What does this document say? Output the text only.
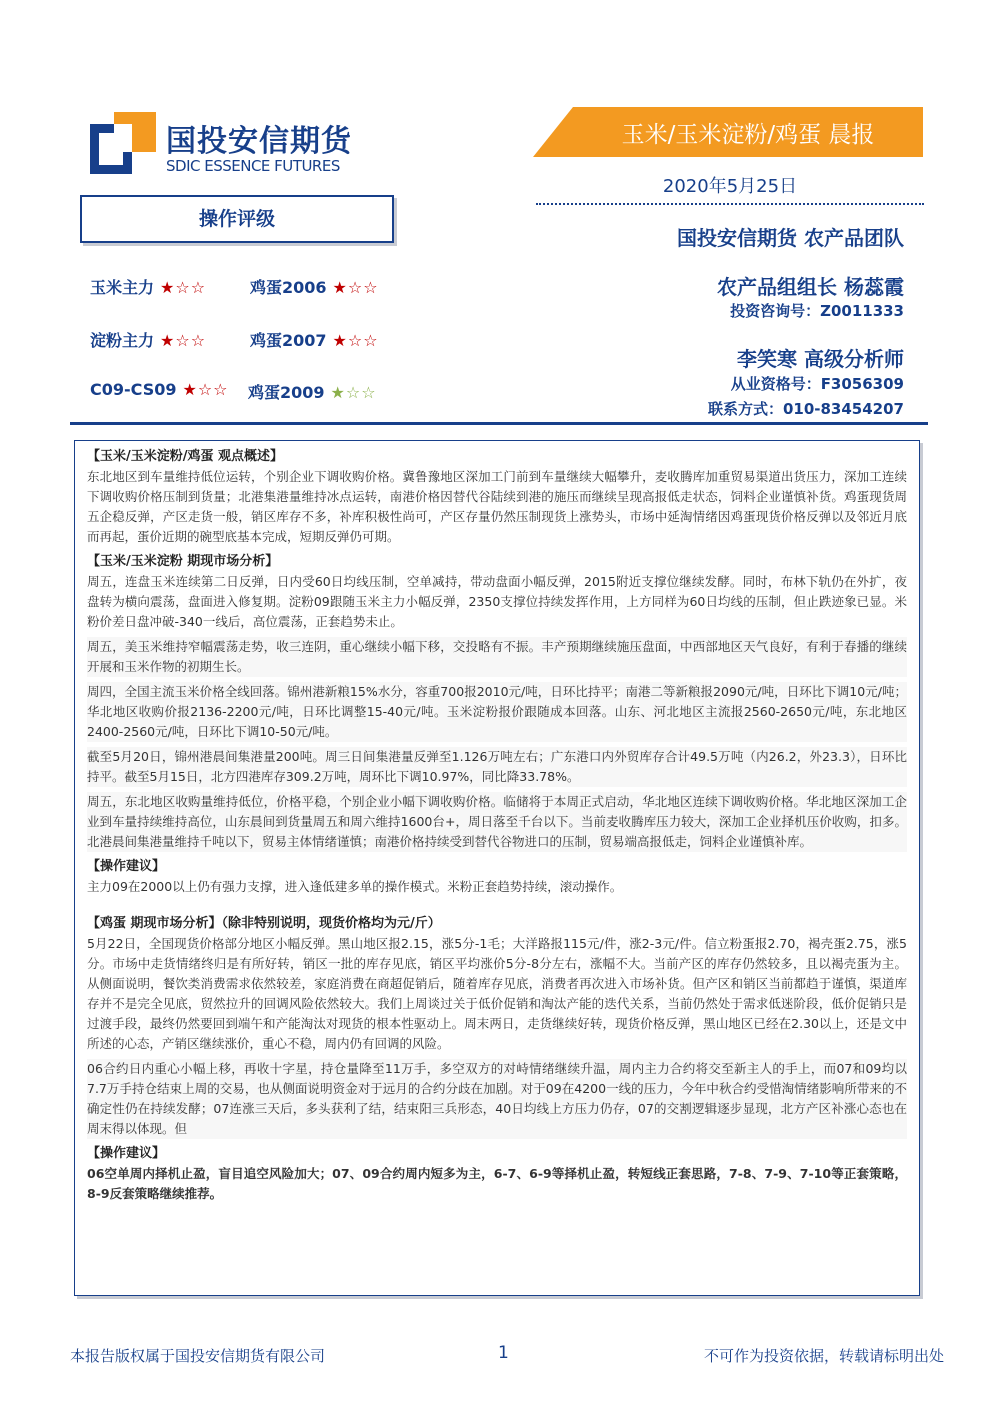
国投安信期货
SDIC ESSENCE FUTURES
玉米/玉米淀粉/鸡蛋 晨报
2020年5月25日
国投安信期货 农产品团队
农产品组组长 杨蕊霞
投资咨询号：Z0011333
李笑寒 高级分析师
从业资格号：F3056309
联系方式：010-83454207
操作评级
玉米主力 ★☆☆	鸡蛋2006 ★☆☆
淀粉主力 ★☆☆	鸡蛋2007 ★☆☆
C09-CS09 ★☆☆ 鸡蛋2009 ★☆☆
【玉米/玉米淀粉/鸡蛋 观点概述】

东北地区到车量维持低位运转，个别企业下调收购价格。冀鲁豫地区深加工门前到车量继续大幅攀升，麦收腾库加重贸易渠道出货压力，深加工连续下调收购价格压制到货量；北港集港量维持冰点运转，南港价格因替代谷陆续到港的施压而继续呈现高报低走状态，饲料企业谨慎补货。鸡蛋现货周五企稳反弹，产区走货一般，销区库存不多，补库积极性尚可，产区存量仍然压制现货上涨势头，市场中延淘情绪因鸡蛋现货价格反弹以及邻近月底而再起，蛋价近期的碗型底基本完成，短期反弹仍可期。

【玉米/玉米淀粉 期现市场分析】

周五，连盘玉米连续第二日反弹，日内受60日均线压制，空单减持，带动盘面小幅反弹，2015附近支撑位继续发酵。同时，布林下轨仍在外扩，夜盘转为横向震荡，盘面进入修复期。淀粉09跟随玉米主力小幅反弹，2350支撑位持续发挥作用，上方同样为60日均线的压制，但止跌迹象已显。米粉价差日盘冲破-340一线后，高位震荡，正套趋势未止。

周五，美玉米维持窄幅震荡走势，收三连阴，重心继续小幅下移，交投略有不振。丰产预期继续施压盘面，中西部地区天气良好，有利于春播的继续开展和玉米作物的初期生长。

周四，全国主流玉米价格全线回落。锦州港新粮15%水分，容重700报2010元/吨，日环比持平；南港二等新粮报2090元/吨，日环比下调10元/吨；华北地区收购价报2136-2200元/吨，日环比调整15-40元/吨。玉米淀粉报价跟随成本回落。山东、河北地区主流报2560-2650元/吨，东北地区2400-2560元/吨，日环比下调10-50元/吨。

截至5月20日，锦州港晨间集港量200吨。周三日间集港量反弹至1.126万吨左右；广东港口内外贸库存合计49.5万吨（内26.2，外23.3），日环比持平。截至5月15日，北方四港库存309.2万吨，周环比下调10.97%，同比降33.78%。

周五，东北地区收购量维持低位，价格平稳，个别企业小幅下调收购价格。临储将于本周正式启动，华北地区连续下调收购价格。华北地区深加工企业到车量持续维持高位，山东晨间到货量周五和周六维持1600台+，周日落至千台以下。当前麦收腾库压力较大，深加工企业择机压价收购，扣多。北港晨间集港量维持千吨以下，贸易主体情绪谨慎；南港价格持续受到替代谷物进口的压制，贸易端高报低走，饲料企业谨慎补库。

【操作建议】

主力09在2000以上仍有强力支撑，进入逢低建多单的操作模式。米粉正套趋势持续，滚动操作。

【鸡蛋 期现市场分析】（除非特别说明，现货价格均为元/斤）

5月22日，全国现货价格部分地区小幅反弹。黑山地区报2.15，涨5分-1毛；大洋路报115元/件，涨2-3元/件。信立粉蛋报2.70，褐壳蛋2.75，涨5分。市场中走货情绪终归是有所好转，销区一批的库存见底，销区平均涨价5分-8分左右，涨幅不大。当前产区的库存仍然较多，且以褐壳蛋为主。从侧面说明，餐饮类消费需求依然较差，家庭消费在商超促销后，随着库存见底，消费者再次进入市场补货。但产区和销区当前都趋于谨慎，渠道库存并不是完全见底，贸然拉升的回调风险依然较大。我们上周谈过关于低价促销和淘汰产能的迭代关系，当前仍然处于需求低迷阶段，低价促销只是过渡手段，最终仍然要回到端午和产能淘汰对现货的根本性驱动上。周末两日，走货继续好转，现货价格反弹，黑山地区已经在2.30以上，还是文中所述的心态，产销区继续涨价，重心不稳，周内仍有回调的风险。

06合约日内重心小幅上移，再收十字星，持仓量降至11万手，多空双方的对峙情绪继续升温，周内主力合约将交至新主人的手上，而07和09均以7.7万手持仓结束上周的交易，也从侧面说明资金对于远月的合约分歧在加剧。对于09在4200一线的压力，今年中秋合约受惜淘情绪影响所带来的不确定性仍在持续发酵；07连涨三天后，多头获利了结，结束阳三兵形态，40日均线上方压力仍存，07的交割逻辑逐步显现，北方产区补涨心态也在周末得以体现。但

【操作建议】

06空单周内择机止盈，盲目追空风险加大；07、09合约周内短多为主，6-7、6-9等择机止盈，转短线正套思路，7-8、7-9、7-10等正套策略，8-9反套策略继续推荐。

本报告版权属于国投安信期货有限公司	1	不可作为投资依据，转载请标明出处
